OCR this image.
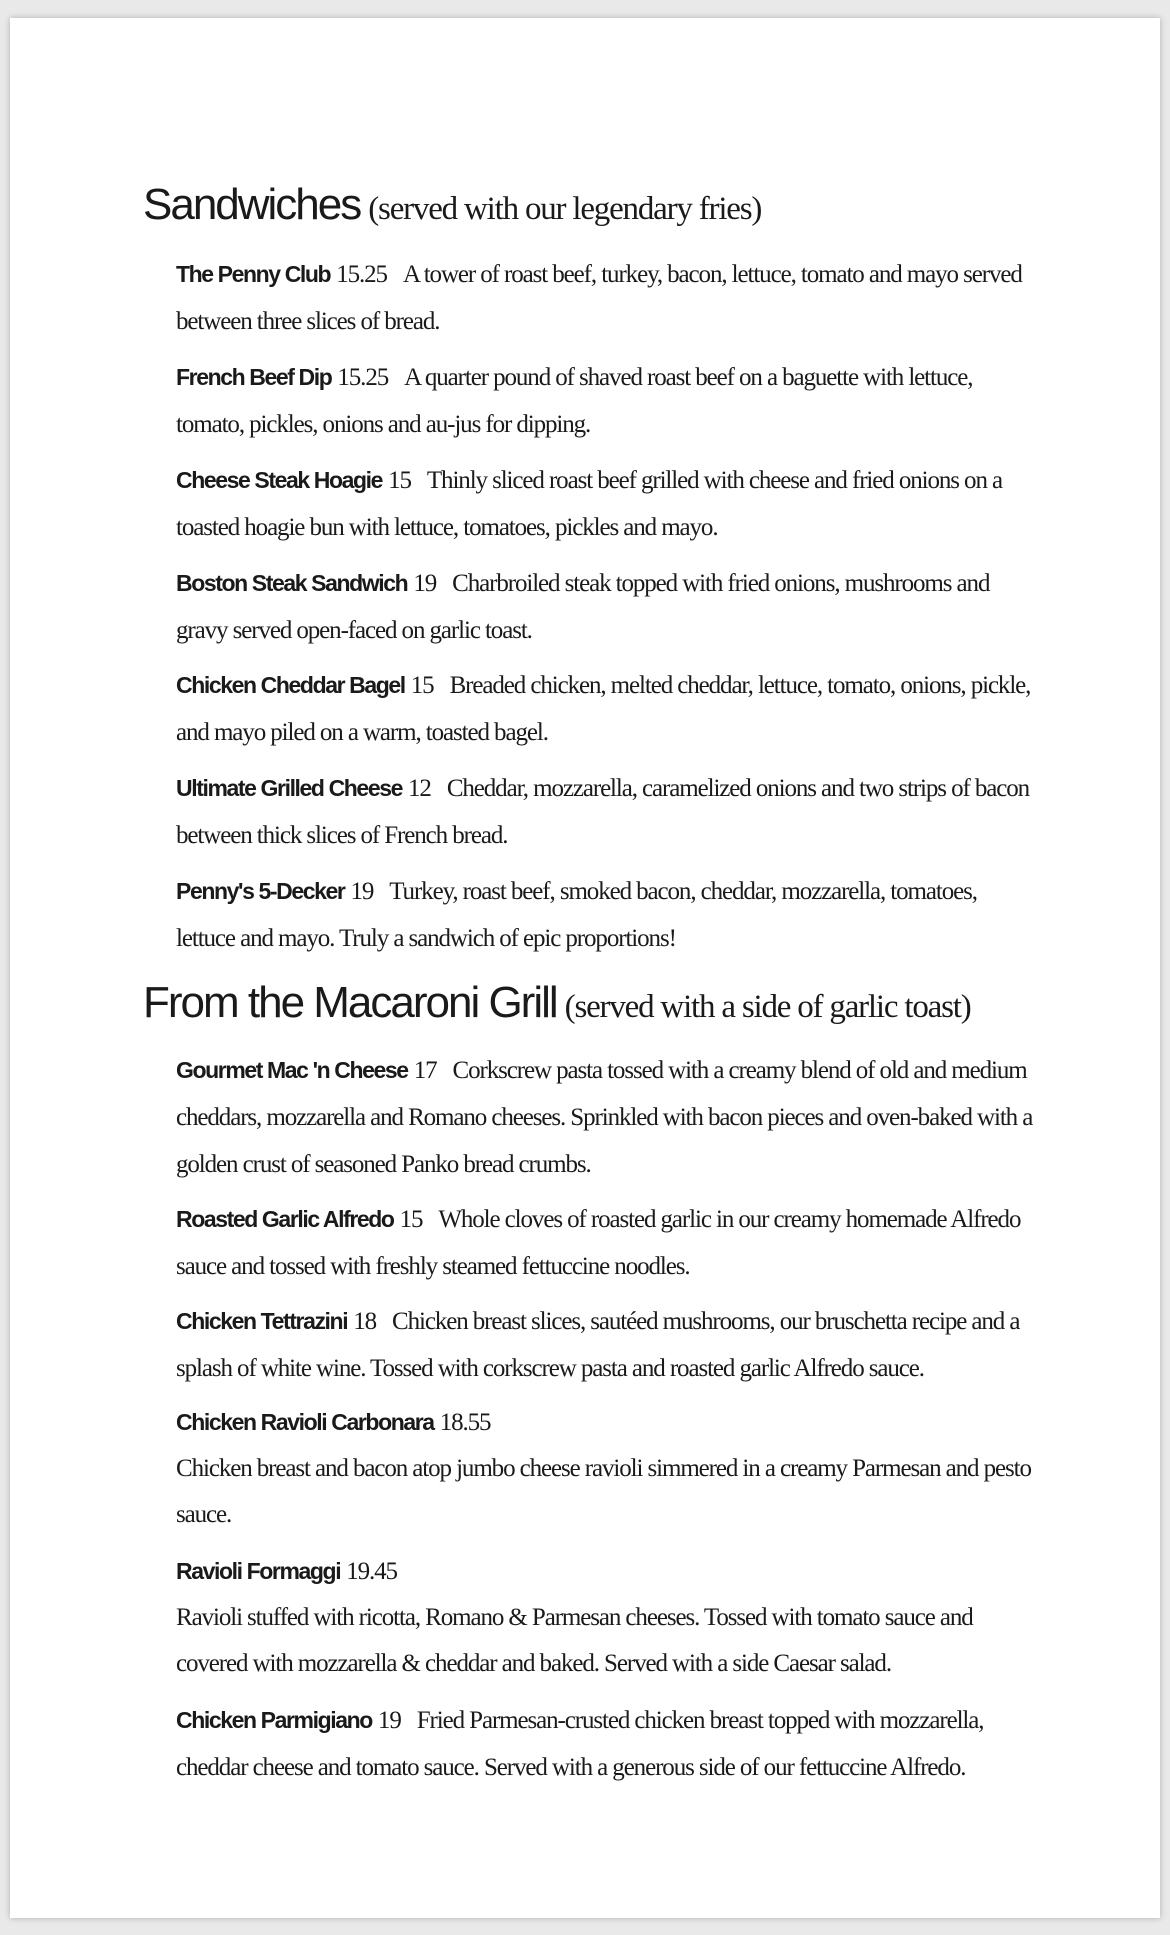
Sandwiches (served with our legendary fries)
The Penny Club 15.25 A tower of roast beef, turkey, bacon, lettuce, tomato and mayo served between three slices of bread.
French Beef Dip 15.25 A quarter pound of shaved roast beef on a baguette with lettuce, tomato, pickles, onions and au-jus for dipping.
Cheese Steak Hoagie 15 Thinly sliced roast beef grilled with cheese and fried onions on a toasted hoagie bun with lettuce, tomatoes, pickles and mayo.
Boston Steak Sandwich 19 Charbroiled steak topped with fried onions, mushrooms and gravy served open-faced on garlic toast.
Chicken Cheddar Bagel 15 Breaded chicken, melted cheddar, lettuce, tomato, onions, pickle, and mayo piled on a warm, toasted bagel.
Ultimate Grilled Cheese 12 Cheddar, mozzarella, caramelized onions and two strips of bacon between thick slices of French bread.
Penny's 5-Decker 19 Turkey, roast beef, smoked bacon, cheddar, mozzarella, tomatoes, lettuce and mayo. Truly a sandwich of epic proportions!
From the Macaroni Grill (served with a side of garlic toast)
Gourmet Mac 'n Cheese 17 Corkscrew pasta tossed with a creamy blend of old and medium cheddars, mozzarella and Romano cheeses. Sprinkled with bacon pieces and oven-baked with a golden crust of seasoned Panko bread crumbs.
Roasted Garlic Alfredo 15 Whole cloves of roasted garlic in our creamy homemade Alfredo sauce and tossed with freshly steamed fettuccine noodles.
Chicken Tettrazini 18 Chicken breast slices, sautéed mushrooms, our bruschetta recipe and a splash of white wine. Tossed with corkscrew pasta and roasted garlic Alfredo sauce.
Chicken Ravioli Carbonara 18.55
Chicken breast and bacon atop jumbo cheese ravioli simmered in a creamy Parmesan and pesto sauce.
Ravioli Formaggi 19.45
Ravioli stuffed with ricotta, Romano & Parmesan cheeses. Tossed with tomato sauce and covered with mozzarella & cheddar and baked. Served with a side Caesar salad.
Chicken Parmigiano 19 Fried Parmesan-crusted chicken breast topped with mozzarella, cheddar cheese and tomato sauce. Served with a generous side of our fettuccine Alfredo.
